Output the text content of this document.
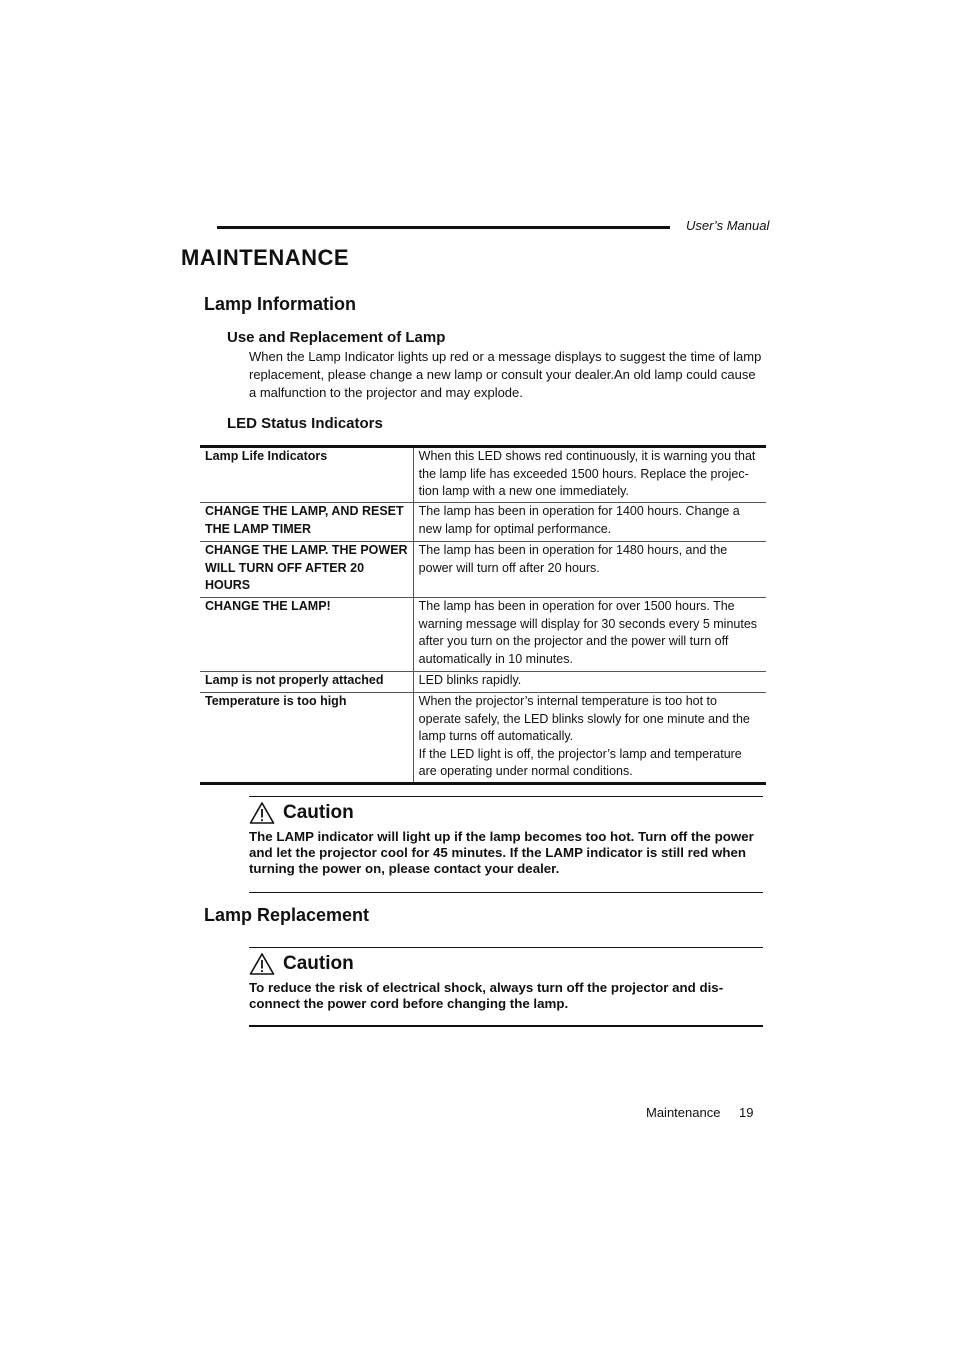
User’s Manual
MAINTENANCE
Lamp Information
Use and Replacement of Lamp

When the Lamp Indicator lights up red or a message displays to suggest the time of lamp replacement, please change a new lamp or consult your dealer.An old lamp could cause a malfunction to the projector and may explode.

LED Status Indicators
Lamp Life Indicators	When this LED shows red continuously, it is warning you that the lamp life has exceeded 1500 hours. Replace the projec-tion lamp with a new one immediately.
CHANGE THE LAMP, AND RESET THE LAMP TIMER	The lamp has been in operation for 1400 hours. Change a new lamp for optimal performance.
CHANGE THE LAMP. THE POWER WILL TURN OFF AFTER 20 HOURS	The lamp has been in operation for 1480 hours, and the power will turn off after 20 hours.
CHANGE THE LAMP!	The lamp has been in operation for over 1500 hours. The warning message will display for 30 seconds every 5 minutes after you turn on the projector and the power will turn off automatically in 10 minutes.
Lamp is not properly attached	LED blinks rapidly.
Temperature is too high	When the projector’s internal temperature is too hot to operate safely, the LED blinks slowly for one minute and the lamp turns off automatically.
If the LED light is off, the projector’s lamp and temperature are operating under normal conditions.
Caution

The LAMP indicator will light up if the lamp becomes too hot. Turn off the power and let the projector cool for 45 minutes. If the LAMP indicator is still red when turning the power on, please contact your dealer.

Lamp Replacement
Caution

To reduce the risk of electrical shock, always turn off the projector and dis-connect the power cord before changing the lamp.

Maintenance 19
